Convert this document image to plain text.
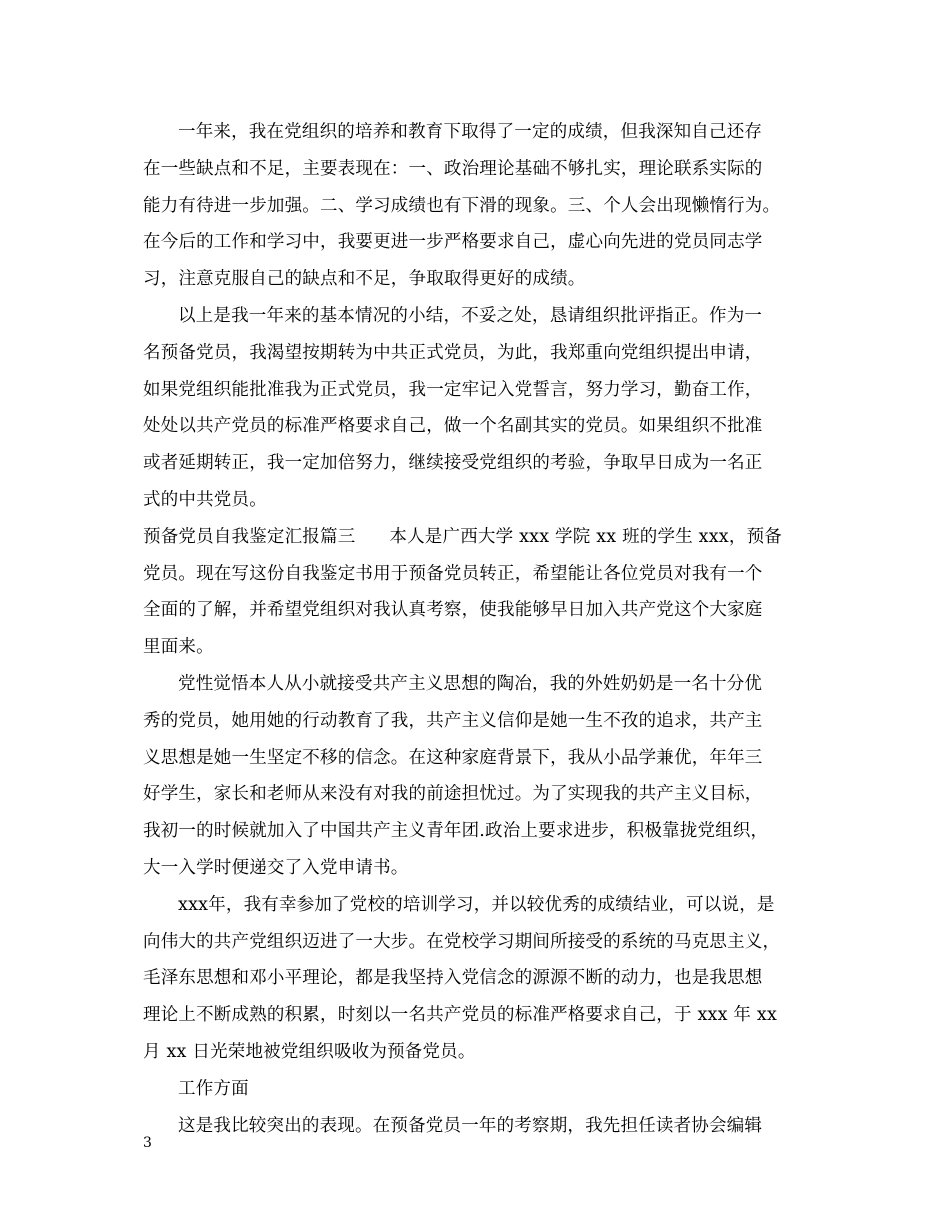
一年来，我在党组织的培养和教育下取得了一定的成绩，但我深知自己还存
在一些缺点和不足，主要表现在：一、政治理论基础不够扎实，理论联系实际的
能力有待进一步加强。二、学习成绩也有下滑的现象。三、个人会出现懒惰行为。
在今后的工作和学习中，我要更进一步严格要求自己，虚心向先进的党员同志学
习，注意克服自己的缺点和不足，争取取得更好的成绩。
以上是我一年来的基本情况的小结，不妥之处，恳请组织批评指正。作为一
名预备党员，我渴望按期转为中共正式党员，为此，我郑重向党组织提出申请，
如果党组织能批准我为正式党员，我一定牢记入党誓言，努力学习，勤奋工作，
处处以共产党员的标准严格要求自己，做一个名副其实的党员。如果组织不批准
或者延期转正，我一定加倍努力，继续接受党组织的考验，争取早日成为一名正
式的中共党员。
预备党员自我鉴定汇报篇三 本人是广西大学 xxx 学院 xx 班的学生 xxx，预备
党员。现在写这份自我鉴定书用于预备党员转正，希望能让各位党员对我有一个
全面的了解，并希望党组织对我认真考察，使我能够早日加入共产党这个大家庭
里面来。
党性觉悟本人从小就接受共产主义思想的陶冶，我的外姓奶奶是一名十分优
秀的党员，她用她的行动教育了我，共产主义信仰是她一生不孜的追求，共产主
义思想是她一生坚定不移的信念。在这种家庭背景下，我从小品学兼优，年年三
好学生，家长和老师从来没有对我的前途担忧过。为了实现我的共产主义目标，
我初一的时候就加入了中国共产主义青年团.政治上要求进步，积极靠拢党组织，
大一入学时便递交了入党申请书。
xxx年，我有幸参加了党校的培训学习，并以较优秀的成绩结业，可以说，是
向伟大的共产党组织迈进了一大步。在党校学习期间所接受的系统的马克思主义，
毛泽东思想和邓小平理论，都是我坚持入党信念的源源不断的动力，也是我思想
理论上不断成熟的积累，时刻以一名共产党员的标准严格要求自己，于 xxx 年 xx
月 xx 日光荣地被党组织吸收为预备党员。
工作方面
这是我比较突出的表现。在预备党员一年的考察期，我先担任读者协会编辑
3
